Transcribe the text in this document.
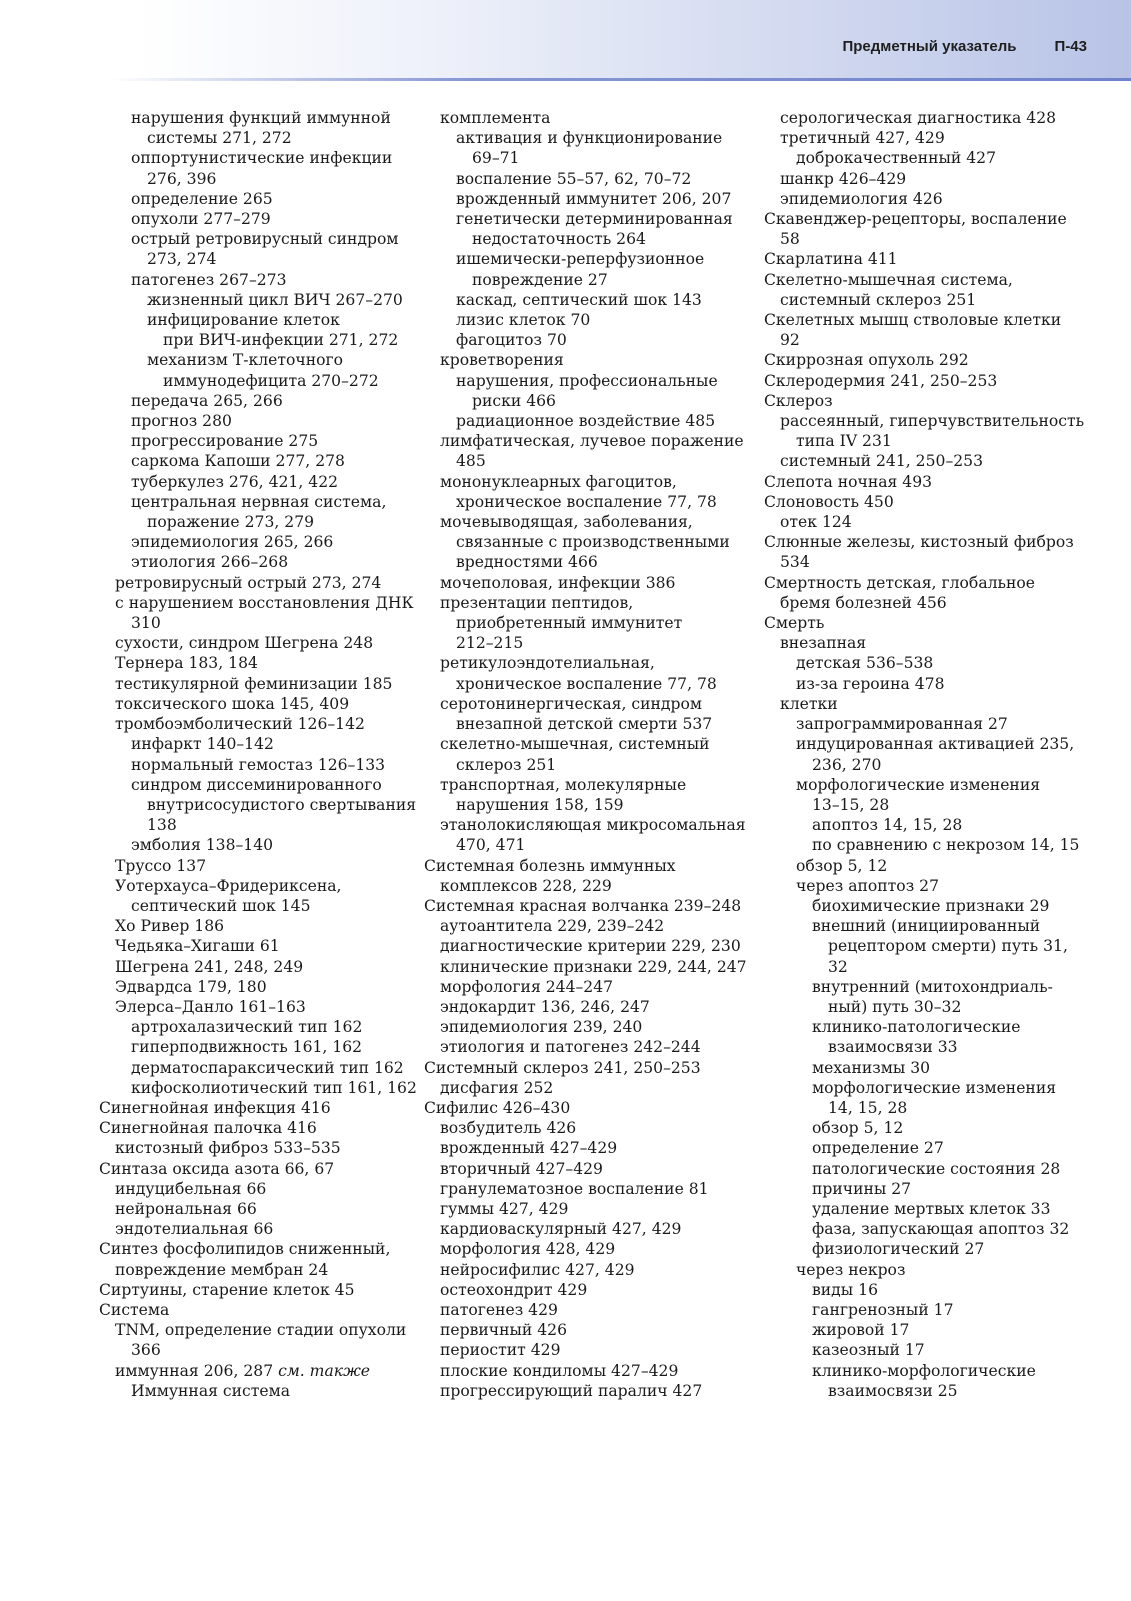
Предметный указатель	П-43
нарушения функций иммунной
системы 271, 272
оппортунистические инфекции
276, 396
определение 265
опухоли 277–279
острый ретровирусный синдром
273, 274
патогенез 267–273
жизненный цикл ВИЧ 267–270
инфицирование клеток
при ВИЧ-инфекции 271, 272
механизм Т-клеточного
иммунодефицита 270–272
передача 265, 266
прогноз 280
прогрессирование 275
саркома Капоши 277, 278
туберкулез 276, 421, 422
центральная нервная система,
поражение 273, 279
эпидемиология 265, 266
этиология 266–268
ретровирусный острый 273, 274
с нарушением восстановления ДНК
310
сухости, синдром Шегрена 248
Тернера 183, 184
тестикулярной феминизации 185
токсического шока 145, 409
тромбоэмболический 126–142
инфаркт 140–142
нормальный гемостаз 126–133
синдром диссеминированного
внутрисосудистого свертывания
138
эмболия 138–140
Труссо 137
Уотерхауса–Фридериксена,
септический шок 145
Хо Ривер 186
Чедьяка–Хигаши 61
Шегрена 241, 248, 249
Эдвардса 179, 180
Элерса–Данло 161–163
артрохалазический тип 162
гиперподвижность 161, 162
дерматоспараксический тип 162
кифосколиотический тип 161, 162
Синегнойная инфекция 416
Синегнойная палочка 416
кистозный фиброз 533–535
Синтаза оксида азота 66, 67
индуцибельная 66
нейрональная 66
эндотелиальная 66
Синтез фосфолипидов сниженный,
повреждение мембран 24
Сиртуины, старение клеток 45
Система
TNM, определение стадии опухоли
366
иммунная 206, 287 см. также
Иммунная система
комплемента
активация и функционирование
69–71
воспаление 55–57, 62, 70–72
врожденный иммунитет 206, 207
генетически детерминированная
недостаточность 264
ишемически-реперфузионное
повреждение 27
каскад, септический шок 143
лизис клеток 70
фагоцитоз 70
кроветворения
нарушения, профессиональные
риски 466
радиационное воздействие 485
лимфатическая, лучевое поражение
485
мононуклеарных фагоцитов,
хроническое воспаление 77, 78
мочевыводящая, заболевания,
связанные с производственными
вредностями 466
мочеполовая, инфекции 386
презентации пептидов,
приобретенный иммунитет
212–215
ретикулоэндотелиальная,
хроническое воспаление 77, 78
серотонинергическая, синдром
внезапной детской смерти 537
скелетно-мышечная, системный
склероз 251
транспортная, молекулярные
нарушения 158, 159
этанолокисляющая микросомальная
470, 471
Системная болезнь иммунных
комплексов 228, 229
Системная красная волчанка 239–248
аутоантитела 229, 239–242
диагностические критерии 229, 230
клинические признаки 229, 244, 247
морфология 244–247
эндокардит 136, 246, 247
эпидемиология 239, 240
этиология и патогенез 242–244
Системный склероз 241, 250–253
дисфагия 252
Сифилис 426–430
возбудитель 426
врожденный 427–429
вторичный 427–429
гранулематозное воспаление 81
гуммы 427, 429
кардиоваскулярный 427, 429
морфология 428, 429
нейросифилис 427, 429
остеохондрит 429
патогенез 429
первичный 426
периостит 429
плоские кондиломы 427–429
прогрессирующий паралич 427
серологическая диагностика 428
третичный 427, 429
доброкачественный 427
шанкр 426–429
эпидемиология 426
Скавенджер-рецепторы, воспаление
58
Скарлатина 411
Скелетно-мышечная система,
системный склероз 251
Скелетных мышц стволовые клетки
92
Скиррозная опухоль 292
Склеродермия 241, 250–253
Склероз
рассеянный, гиперчувствительность
типа IV 231
системный 241, 250–253
Слепота ночная 493
Слоновость 450
отек 124
Слюнные железы, кистозный фиброз
534
Смертность детская, глобальное
бремя болезней 456
Смерть
внезапная
детская 536–538
из-за героина 478
клетки
запрограммированная 27
индуцированная активацией 235,
236, 270
морфологические изменения
13–15, 28
апоптоз 14, 15, 28
по сравнению с некрозом 14, 15
обзор 5, 12
через апоптоз 27
биохимические признаки 29
внешний (инициированный
рецептором смерти) путь 31,
32
внутренний (митохондриаль-
ный) путь 30–32
клинико-патологические
взаимосвязи 33
механизмы 30
морфологические изменения
14, 15, 28
обзор 5, 12
определение 27
патологические состояния 28
причины 27
удаление мертвых клеток 33
фаза, запускающая апоптоз 32
физиологический 27
через некроз
виды 16
гангренозный 17
жировой 17
казеозный 17
клинико-морфологические
взаимосвязи 25
